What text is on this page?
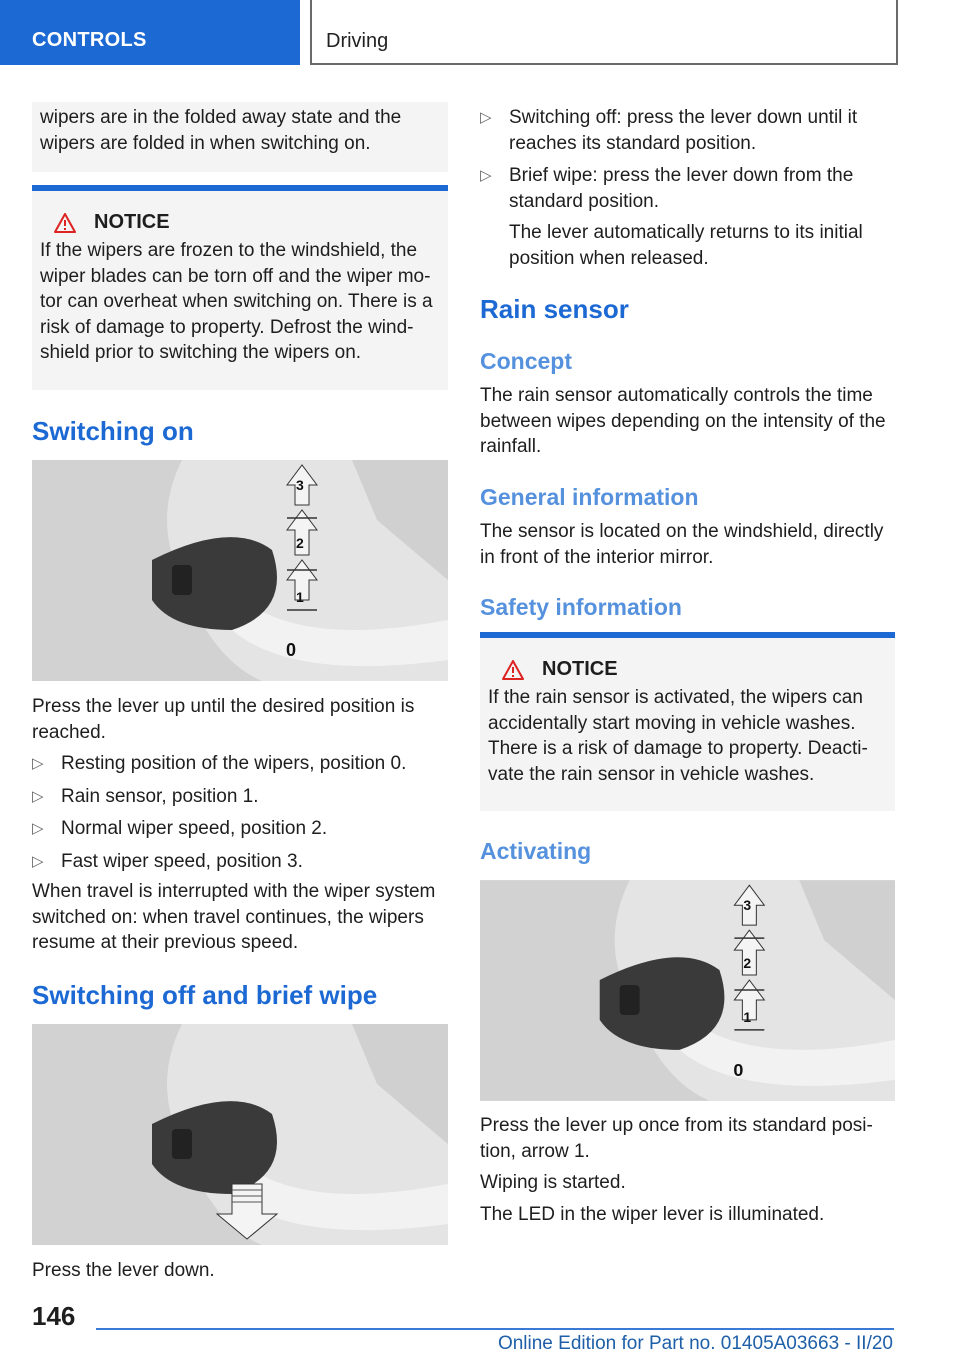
CONTROLS	Driving
wipers are in the folded away state and the wipers are folded in when switching on.
NOTICE
If the wipers are frozen to the windshield, the wiper blades can be torn off and the wiper motor can overheat when switching on. There is a risk of damage to property. Defrost the windshield prior to switching the wipers on.
Switching on
3
2
1
0

Press the lever up until the desired position is reached.

▷ Resting position of the wipers, position 0.
▷ Rain sensor, position 1.
▷ Normal wiper speed, position 2.
▷ Fast wiper speed, position 3.

When travel is interrupted with the wiper system switched on: when travel continues, the wipers resume at their previous speed.

Switching off and brief wipe

Press the lever down.

▷ Switching off: press the lever down until it reaches its standard position.
▷ Brief wipe: press the lever down from the standard position.
The lever automatically returns to its initial position when released.
Rain sensor
Concept

The rain sensor automatically controls the time between wipes depending on the intensity of the rainfall.

General information

The sensor is located on the windshield, directly in front of the interior mirror.

Safety information
NOTICE
If the rain sensor is activated, the wipers can accidentally start moving in vehicle washes. There is a risk of damage to property. Deactivate the rain sensor in vehicle washes.
Activating
3
2
1
0

Press the lever up once from its standard position, arrow 1.

Wiping is started.

The LED in the wiper lever is illuminated.

146
Online Edition for Part no. 01405A03663 - II/20
